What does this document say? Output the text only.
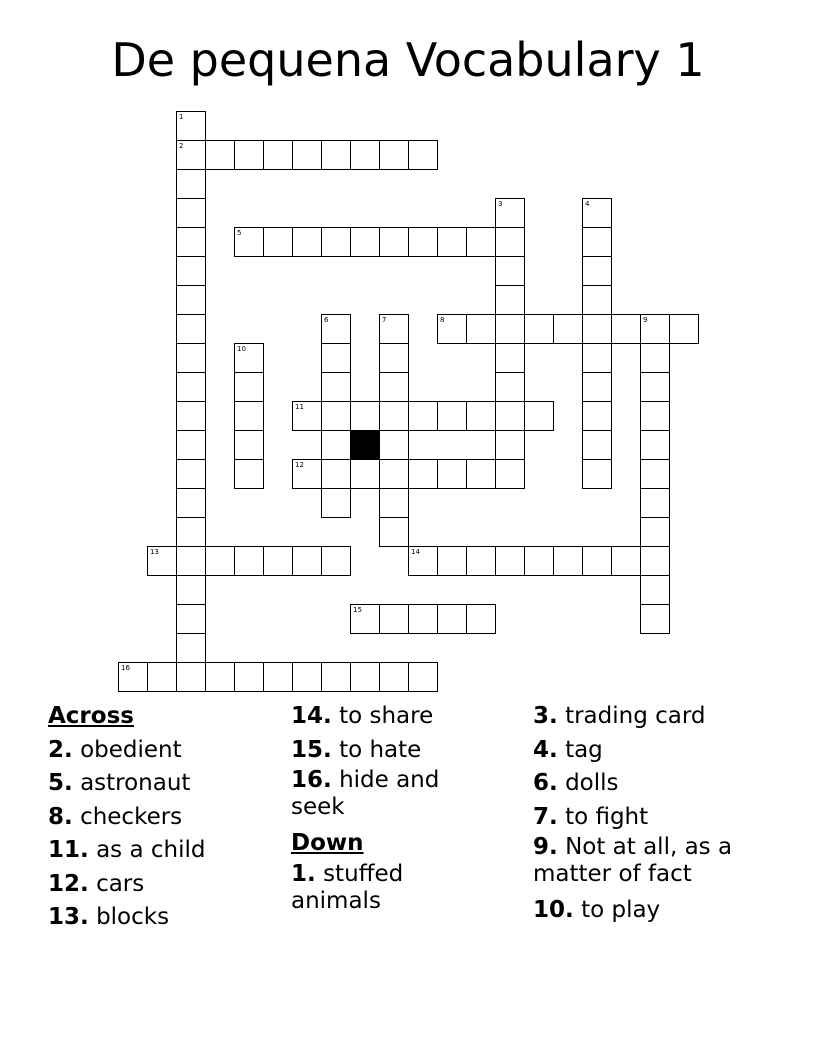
De pequena Vocabulary 1
1
2
3	4
5
6	7	8	9
10
11
12
13	14
15
16
Across
2. obedient
5. astronaut
8. checkers
11. as a child
12. cars
13. blocks
14. to share
15. to hate
16. hide and seek
Down
1. stuffed animals
3. trading card
4. tag
6. dolls
7. to fight
9. Not at all, as a matter of fact
10. to play
